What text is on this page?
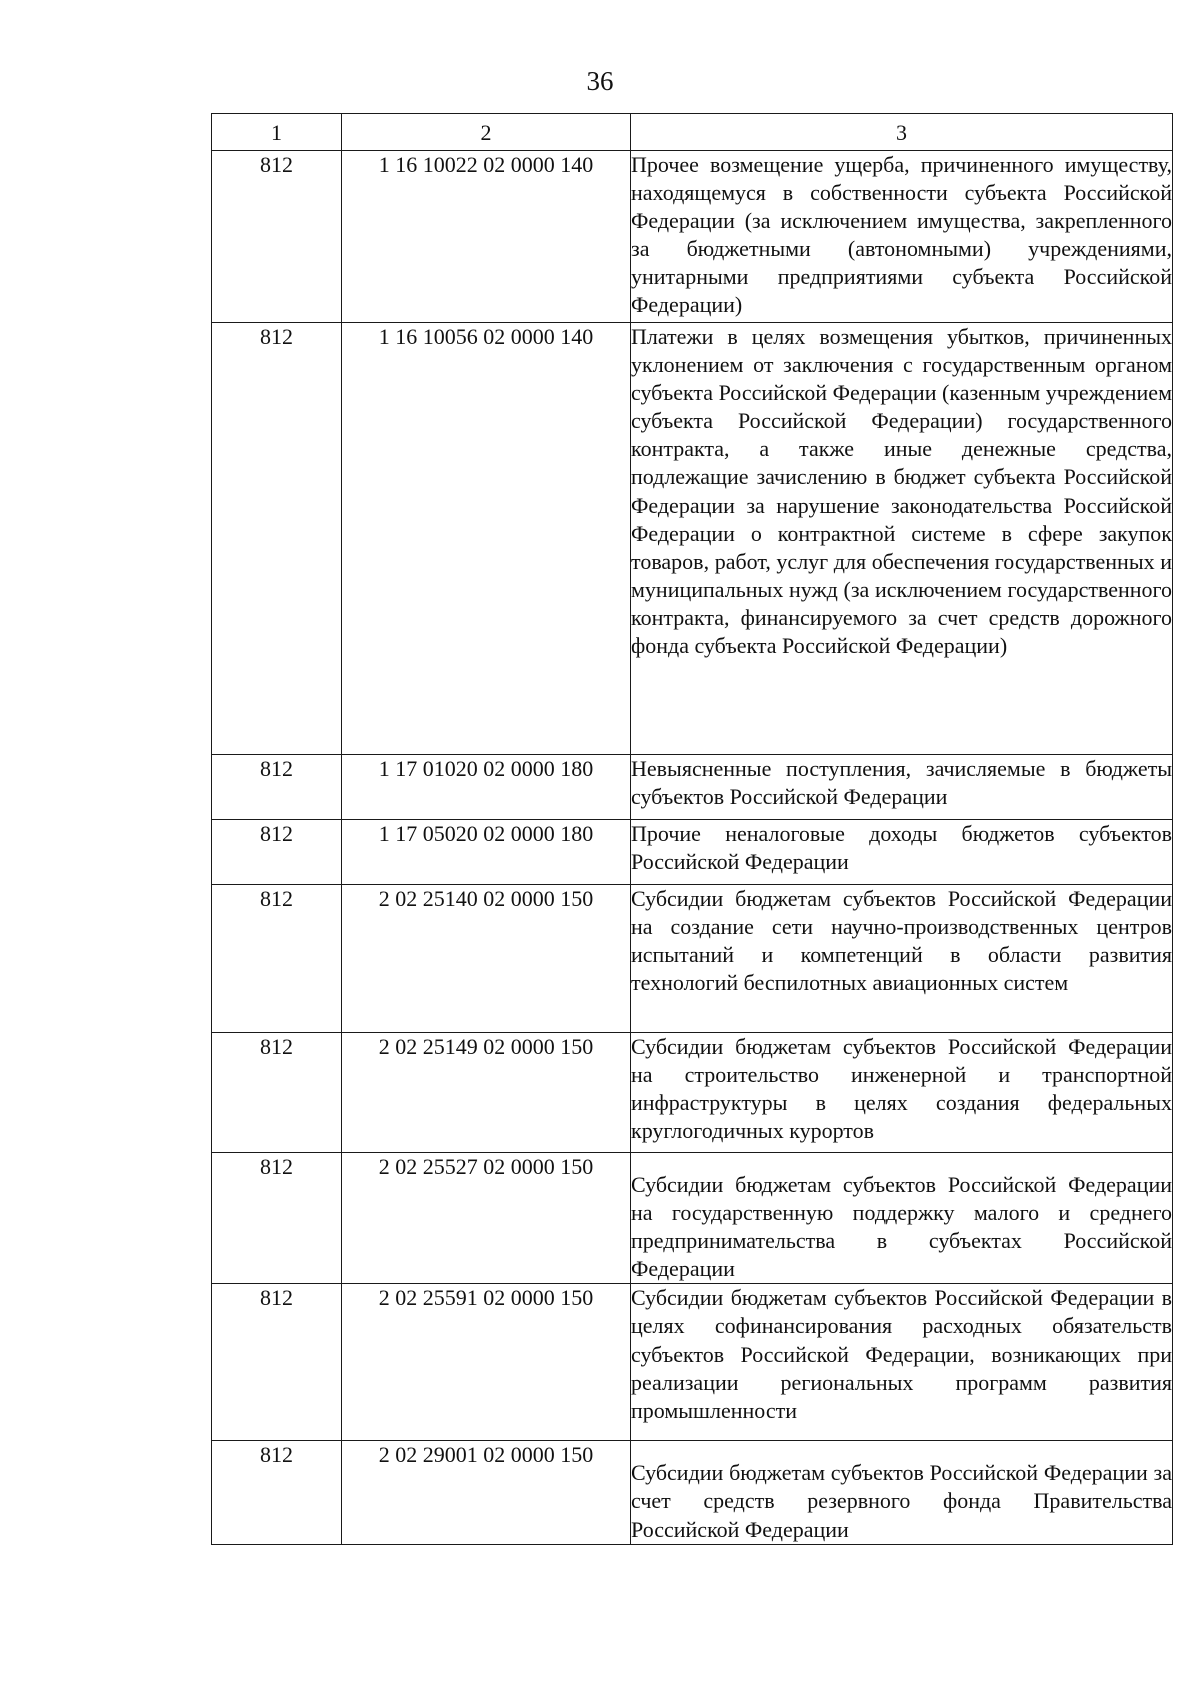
36
1	2	3
812	1 16 10022 02 0000 140	Прочее возмещение ущерба, причиненного имуществу, находящемуся в собственности субъекта Российской Федерации (за исключением имущества, закрепленного за бюджетными (автономными) учреждениями, унитарными предприятиями субъекта Российской Федерации)
812	1 16 10056 02 0000 140	Платежи в целях возмещения убытков, причиненных уклонением от заключения с государственным органом субъекта Российской Федерации (казенным учреждением субъекта Российской Федерации) государственного контракта, а также иные денежные средства, подлежащие зачислению в бюджет субъекта Российской Федерации за нарушение законодательства Российской Федерации о контрактной системе в сфере закупок товаров, работ, услуг для обеспечения государственных и муниципальных нужд (за исключением государственного контракта, финансируемого за счет средств дорожного фонда субъекта Российской Федерации)
812	1 17 01020 02 0000 180	Невыясненные поступления, зачисляемые в бюджеты субъектов Российской Федерации
812	1 17 05020 02 0000 180	Прочие неналоговые доходы бюджетов субъектов Российской Федерации
812	2 02 25140 02 0000 150	Субсидии бюджетам субъектов Российской Федерации на создание сети научно-производственных центров испытаний и компетенций в области развития технологий беспилотных авиационных систем
812	2 02 25149 02 0000 150	Субсидии бюджетам субъектов Российской Федерации на строительство инженерной и транспортной инфраструктуры в целях создания федеральных круглогодичных курортов
812	2 02 25527 02 0000 150	Субсидии бюджетам субъектов Российской Федерации на государственную поддержку малого и среднего предпринимательства в субъектах Российской Федерации
812	2 02 25591 02 0000 150	Субсидии бюджетам субъектов Российской Федерации в целях софинансирования расходных обязательств субъектов Российской Федерации, возникающих при реализации региональных программ развития промышленности
812	2 02 29001 02 0000 150	Субсидии бюджетам субъектов Российской Федерации за счет средств резервного фонда Правительства Российской Федерации
